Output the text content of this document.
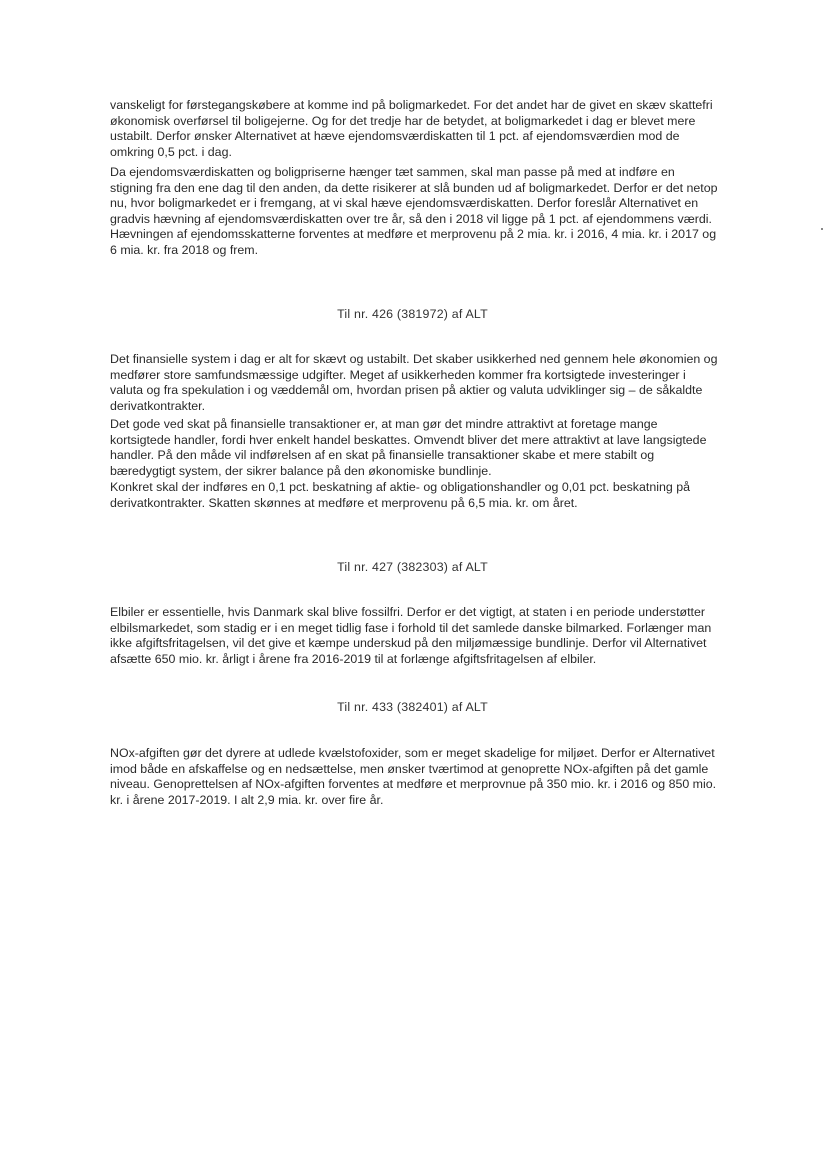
vanskeligt for førstegangskøbere at komme ind på boligmarkedet. For det andet har de givet en skæv skattefri
økonomisk overførsel til boligejerne. Og for det tredje har de betydet, at boligmarkedet i dag er blevet mere
ustabilt. Derfor ønsker Alternativet at hæve ejendomsværdiskatten til 1 pct. af ejendomsværdien mod de
omkring 0,5 pct. i dag.
Da ejendomsværdiskatten og boligpriserne hænger tæt sammen, skal man passe på med at indføre en
stigning fra den ene dag til den anden, da dette risikerer at slå bunden ud af boligmarkedet. Derfor er det netop
nu, hvor boligmarkedet er i fremgang, at vi skal hæve ejendomsværdiskatten. Derfor foreslår Alternativet en
gradvis hævning af ejendomsværdiskatten over tre år, så den i 2018 vil ligge på 1 pct. af ejendommens værdi.
Hævningen af ejendomsskatterne forventes at medføre et merprovenu på 2 mia. kr. i 2016, 4 mia. kr. i 2017 og
6 mia. kr. fra 2018 og frem.
Til nr. 426 (381972) af ALT
Det finansielle system i dag er alt for skævt og ustabilt. Det skaber usikkerhed ned gennem hele økonomien og
medfører store samfundsmæssige udgifter. Meget af usikkerheden kommer fra kortsigtede investeringer i
valuta og fra spekulation i og væddemål om, hvordan prisen på aktier og valuta udviklinger sig – de såkaldte
derivatkontrakter.
Det gode ved skat på finansielle transaktioner er, at man gør det mindre attraktivt at foretage mange
kortsigtede handler, fordi hver enkelt handel beskattes. Omvendt bliver det mere attraktivt at lave langsigtede
handler. På den måde vil indførelsen af en skat på finansielle transaktioner skabe et mere stabilt og
bæredygtigt system, der sikrer balance på den økonomiske bundlinje.
Konkret skal der indføres en 0,1 pct. beskatning af aktie- og obligationshandler og 0,01 pct. beskatning på
derivatkontrakter. Skatten skønnes at medføre et merprovenu på 6,5 mia. kr. om året.
Til nr. 427 (382303) af ALT
Elbiler er essentielle, hvis Danmark skal blive fossilfri. Derfor er det vigtigt, at staten i en periode understøtter
elbilsmarkedet, som stadig er i en meget tidlig fase i forhold til det samlede danske bilmarked. Forlænger man
ikke afgiftsfritagelsen, vil det give et kæmpe underskud på den miljømæssige bundlinje. Derfor vil Alternativet
afsætte 650 mio. kr. årligt i årene fra 2016-2019 til at forlænge afgiftsfritagelsen af elbiler.
Til nr. 433 (382401) af ALT
NOx-afgiften gør det dyrere at udlede kvælstofoxider, som er meget skadelige for miljøet. Derfor er Alternativet
imod både en afskaffelse og en nedsættelse, men ønsker tværtimod at genoprette NOx-afgiften på det gamle
niveau. Genoprettelsen af NOx-afgiften forventes at medføre et merprovnue på 350 mio. kr. i 2016 og 850 mio.
kr. i årene 2017-2019. I alt 2,9 mia. kr. over fire år.
